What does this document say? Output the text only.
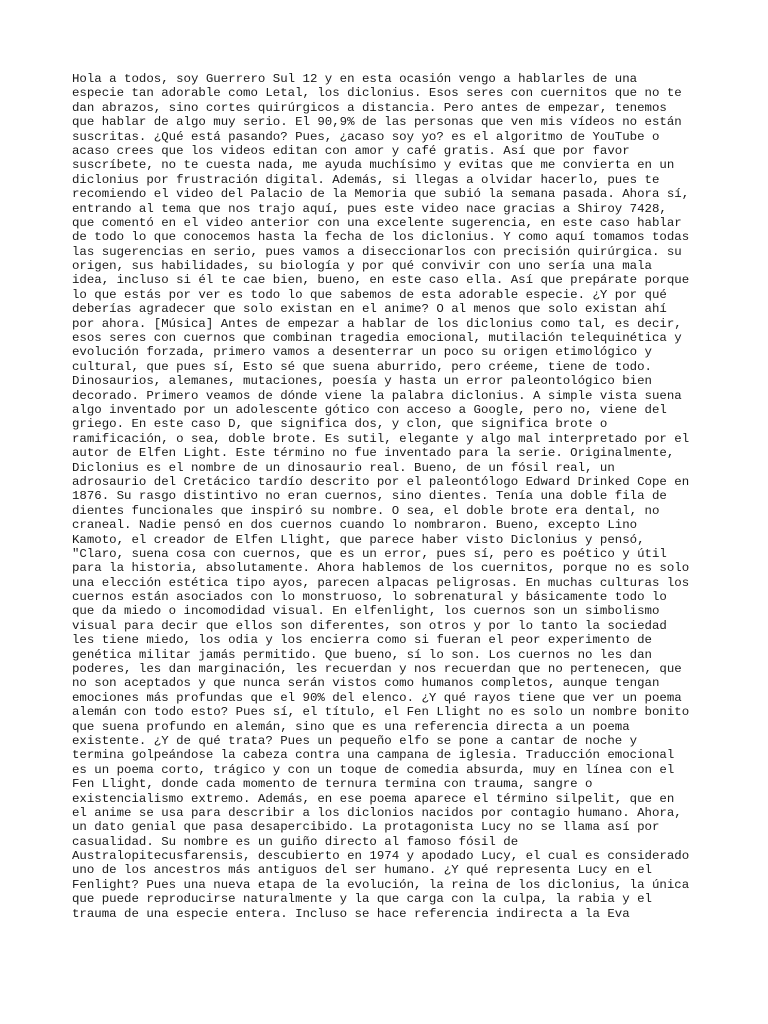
Hola a todos, soy Guerrero Sul 12 y en esta ocasión vengo a hablarles de una
especie tan adorable como Letal, los diclonius. Esos seres con cuernitos que no te
dan abrazos, sino cortes quirúrgicos a distancia. Pero antes de empezar, tenemos
que hablar de algo muy serio. El 90,9% de las personas que ven mis vídeos no están
suscritas. ¿Qué está pasando? Pues, ¿acaso soy yo? es el algoritmo de YouTube o
acaso crees que los videos editan con amor y café gratis. Así que por favor
suscríbete, no te cuesta nada, me ayuda muchísimo y evitas que me convierta en un
diclonius por frustración digital. Además, si llegas a olvidar hacerlo, pues te
recomiendo el video del Palacio de la Memoria que subió la semana pasada. Ahora sí,
entrando al tema que nos trajo aquí, pues este video nace gracias a Shiroy 7428,
que comentó en el video anterior con una excelente sugerencia, en este caso hablar
de todo lo que conocemos hasta la fecha de los diclonius. Y como aquí tomamos todas
las sugerencias en serio, pues vamos a diseccionarlos con precisión quirúrgica. su
origen, sus habilidades, su biología y por qué convivir con uno sería una mala
idea, incluso si él te cae bien, bueno, en este caso ella. Así que prepárate porque
lo que estás por ver es todo lo que sabemos de esta adorable especie. ¿Y por qué
deberías agradecer que solo existan en el anime? O al menos que solo existan ahí
por ahora. [Música] Antes de empezar a hablar de los diclonius como tal, es decir,
esos seres con cuernos que combinan tragedia emocional, mutilación telequinética y
evolución forzada, primero vamos a desenterrar un poco su origen etimológico y
cultural, que pues sí, Esto sé que suena aburrido, pero créeme, tiene de todo.
Dinosaurios, alemanes, mutaciones, poesía y hasta un error paleontológico bien
decorado. Primero veamos de dónde viene la palabra diclonius. A simple vista suena
algo inventado por un adolescente gótico con acceso a Google, pero no, viene del
griego. En este caso D, que significa dos, y clon, que significa brote o
ramificación, o sea, doble brote. Es sutil, elegante y algo mal interpretado por el
autor de Elfen Light. Este término no fue inventado para la serie. Originalmente,
Diclonius es el nombre de un dinosaurio real. Bueno, de un fósil real, un
adrosaurio del Cretácico tardío descrito por el paleontólogo Edward Drinked Cope en
1876. Su rasgo distintivo no eran cuernos, sino dientes. Tenía una doble fila de
dientes funcionales que inspiró su nombre. O sea, el doble brote era dental, no
craneal. Nadie pensó en dos cuernos cuando lo nombraron. Bueno, excepto Lino
Kamoto, el creador de Elfen Llight, que parece haber visto Diclonius y pensó,
"Claro, suena cosa con cuernos, que es un error, pues sí, pero es poético y útil
para la historia, absolutamente. Ahora hablemos de los cuernitos, porque no es solo
una elección estética tipo ayos, parecen alpacas peligrosas. En muchas culturas los
cuernos están asociados con lo monstruoso, lo sobrenatural y básicamente todo lo
que da miedo o incomodidad visual. En elfenlight, los cuernos son un simbolismo
visual para decir que ellos son diferentes, son otros y por lo tanto la sociedad
les tiene miedo, los odia y los encierra como si fueran el peor experimento de
genética militar jamás permitido. Que bueno, sí lo son. Los cuernos no les dan
poderes, les dan marginación, les recuerdan y nos recuerdan que no pertenecen, que
no son aceptados y que nunca serán vistos como humanos completos, aunque tengan
emociones más profundas que el 90% del elenco. ¿Y qué rayos tiene que ver un poema
alemán con todo esto? Pues sí, el título, el Fen Llight no es solo un nombre bonito
que suena profundo en alemán, sino que es una referencia directa a un poema
existente. ¿Y de qué trata? Pues un pequeño elfo se pone a cantar de noche y
termina golpeándose la cabeza contra una campana de iglesia. Traducción emocional
es un poema corto, trágico y con un toque de comedia absurda, muy en línea con el
Fen Llight, donde cada momento de ternura termina con trauma, sangre o
existencialismo extremo. Además, en ese poema aparece el término silpelit, que en
el anime se usa para describir a los diclonios nacidos por contagio humano. Ahora,
un dato genial que pasa desapercibido. La protagonista Lucy no se llama así por
casualidad. Su nombre es un guiño directo al famoso fósil de
Australopitecusfarensis, descubierto en 1974 y apodado Lucy, el cual es considerado
uno de los ancestros más antiguos del ser humano. ¿Y qué representa Lucy en el
Fenlight? Pues una nueva etapa de la evolución, la reina de los diclonius, la única
que puede reproducirse naturalmente y la que carga con la culpa, la rabia y el
trauma de una especie entera. Incluso se hace referencia indirecta a la Eva
